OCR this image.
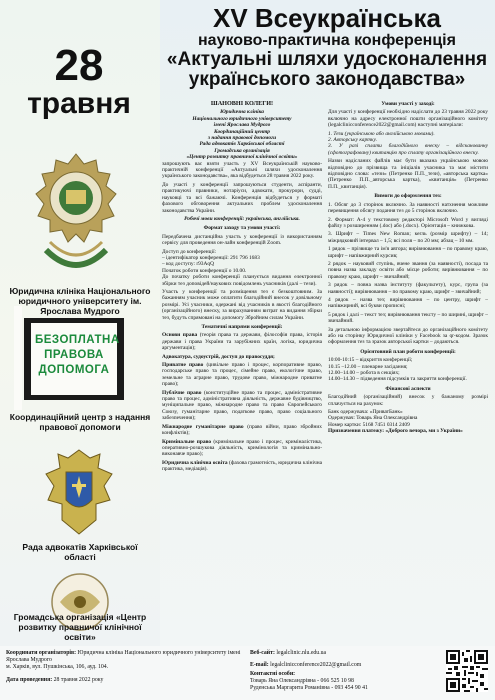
28
травня
XV Всеукраїнська
науково-практична конференція
«Актуальні шляхи удосконалення
українського законодавства»
Юридична клініка Національного юридичного університету ім. Ярослава Мудрого
БЕЗОПЛАТНА
ПРАВОВА
ДОПОМОГА
Координаційний центр з надання правової допомоги
Рада адвокатів Харківської області
Громадська організація «Центр розвитку правничої клінічної освіти»
ШАНОВНІ КОЛЕГИ!
Юридична клініка
Національного юридичного університету
імені Ярослава Мудрого
Координаційний центр
з надання правової допомоги
Рада адвокатів Харківської області
Громадська організація
«Центр розвитку правничої клінічної освіти»
запрошують вас взяти участь у XV Всеукраїнській науково-практичній конференції «Актуальні шляхи удосконалення українського законодавства», яка відбудеться 28 травня 2022 року.
До участі у конференції запрошуються студенти, аспіранти, практикуючі правники, нотаріуси, адвокати, прокурори, судді, науковці та всі бажаючі. Конференція відбудеться у форматі фахового обговорення актуальних проблем удосконалення законодавства України.
Робочі мови конференції: українська, англійська.
Формат заходу та умови участі:
Передбачена дистанційна участь у конференції із використанням сервісу для проведення он-лайн конференцій Zoom.
Доступ до конференції:
– ідентифікатор конференції: 291 796 1683
– код доступу: r93AqQ
Початок роботи конференції о 10.00.
До початку роботи конференції планується видання електронної збірки тез доповідей/наукових повідомлень учасників (далі – тези).
Участь у конференції та розміщення тез є безкоштовним. За бажанням учасник може оплатити благодійний внесок у довільному розмірі. Усі учасники, одержані від учасників в якості благодійного (організаційного) внеску, за вирахуванням витрат на видання збірки тез, будуть спрямовані на допомогу Збройним силам України.
Тематичні напрями конференції:
Основи права (теорія права та держави, філософія права, історія держави і права України та зарубіжних країн, логіка, юридична аргументація);
Адвокатура, судоустрій, доступ до правосуддя;
Приватне право (цивільне право і процес, корпоративне право, господарське право та процес, сімейне право, екологічне право, земельне та аграрне право, трудове право, міжнародне приватне право);
Публічне право (конституційне право та процес, адміністративне право та процес, адміністративна діяльність, державне будівництво, муніципальне право, міжнародне право та право Європейського Союзу, гуманітарне право, податкове право, право соціального забезпечення);
Міжнародне гуманітарне право (право війни, право збройних конфліктів);
Кримінальне право (кримінальне право і процес, криміналістика, оперативно-розшукова діяльність, кримінологія та кримінально-виконавче право);
Юридична клінічна освіта (фахова грамотність, юридична клінічна практика, медіація).
Умови участі у заході:
Для участі у конференції необхідно надіслати до 23 травня 2022 року включно на адресу електронної пошти організаційного комітету (legalclinicconference2022@gmail.com) наступні матеріали:
1. Тези (українською або англійською мовами).
2. Авторську картку.
3. У разі сплати благодійного внеску – відсканованну (сфотографовану) квитанцію про сплату організаційного внеску.
Назви надісланих файлів має бути вказана українською мовою відповідно до прізвища та ініціалів учасника та має містити відповідно слова: «тези» (Петренко П.П._тези), «авторська картка» (Петренко П.П._авторська картка), «квитанція» (Петренко П.П._квитанція).
Вимоги до оформлення тез:
1. Обсяг до 3 сторінок включно. За наявності натхнення можливе перевищення обсягу подання тез до 5 сторінок включно.
2. Формат: А-4 у текстовому редакторі Microsoft Word у вигляді файлу з розширенням (.doc) або (.docx). Орієнтація – книжкова.
3. Шрифт – Times New Roman; кегль (розмір шрифту) – 14; міжрядковий інтервал – 1,5; всі поля – по 20 мм; абзац – 10 мм.
1 рядок – прізвище та ім'я автора; вирівнювання – по правому краю, шрифт – напівжирний курсив;
2 рядок – науковий ступінь, вчене звання (за наявності), посада та повна назва закладу освіти або місце роботи; вирівнювання – по правому краю, шрифт – звичайний;
3 рядок – повна назва інституту (факультету), курс, група (за наявності); вирівнювання – по правому краю, шрифт – звичайний;
4 рядок – назва тез; вирівнювання – по центру, шрифт – напівжирний, всі букви прописні;
5 рядок і далі – текст тез; вирівнювання тексту – по ширині, шрифт – звичайний.
За детальною інформацією звертайтеся до організаційного комітету або на сторінку Юридичної клініки у Facebook за qr-кодом. Зразок оформлення тез та зразок авторської картки – додаються.
Орієнтовний план роботи конференції:
10:00-10:15 – відкриття конференції;
10.15 –12.00 – пленарне засідання;
12.00–14.00 – робота в секціях;
14.00–14.30 – підведення підсумків та закриття конференції.
Фінансові аспекти
Благодійний (організаційний) внесок у бажаному розмірі сплачується на рахунок:
Банк одержувача: «ПриватБанк»
Одержувач: Товарь Яна Олександрівна
Номер картки: 5168 7451 0314 2409
Призначення платежу: «Доброго вечора, ми з України»
Координати організаторів: Юридична клініка Національного юридичного університету імені Ярослава Мудрого
м. Харків, вул. Пушкінська, 106, ауд. 104.
Дата проведення: 28 травня 2022 року
Веб-сайт: legalclinic.nlu.edu.ua
E-mail: legalclinicconference2022@gmail.com
Контактні особи:
Товарь Яна Олександрівна - 066 525 10 98
Руденська Маргарита Романівна - 093 454 90 41
